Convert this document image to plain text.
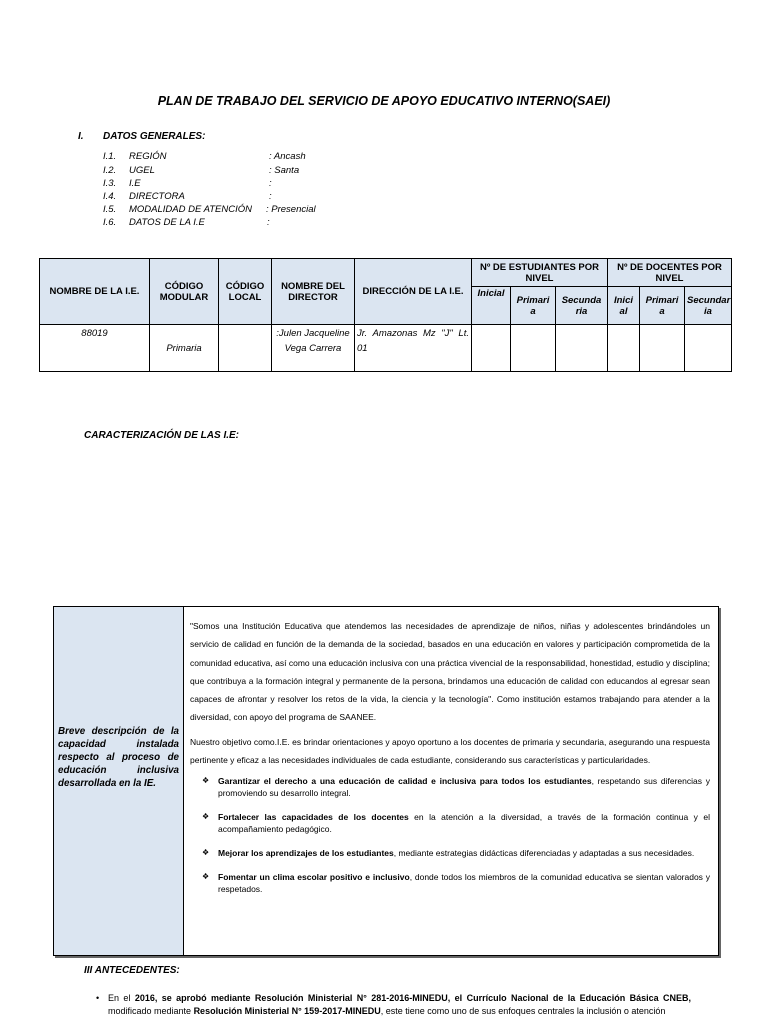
PLAN DE TRABAJO DEL SERVICIO DE APOYO EDUCATIVO INTERNO(SAEI)
I. DATOS GENERALES:
I.1. REGIÓN	: Ancash
I.2. UGEL	: Santa
I.3. I.E	:
I.4. DIRECTORA	:
I.5. MODALIDAD DE ATENCIÓN : Presencial
I.6. DATOS DE LA I.E	:
NOMBRE DE LA I.E.	CÓDIGO MODULAR	CÓDIGO LOCAL	NOMBRE DEL DIRECTOR	DIRECCIÓN DE LA I.E.	Nº DE ESTUDIANTES POR NIVEL			Nº DE DOCENTES POR NIVEL		
					Inicial	Primari a	Secunda ria	Inici al	Primari a	Secundar ia
88019	Primaria		:Julen Jacqueline Vega Carrera	Jr. Amazonas Mz "J" Lt. 01						
CARACTERIZACIÓN DE LAS I.E:
Breve descripción de la capacidad instalada respecto al proceso de educación inclusiva desarrollada en la IE.

"Somos una Institución Educativa que atendemos las necesidades de aprendizaje de niños, niñas y adolescentes brindándoles un servicio de calidad en función de la demanda de la sociedad, basados en una educación en valores y participación comprometida de la comunidad educativa, así como una educación inclusiva con una práctica vivencial de la responsabilidad, honestidad, estudio y disciplina; que contribuya a la formación integral y permanente de la persona, brindamos una educación de calidad con educandos al egresar sean capaces de afrontar y resolver los retos de la vida, la ciencia y la tecnología". Como institución estamos trabajando para atender a la diversidad, con apoyo del programa de SAANEE.

Nuestro objetivo como.I.E. es brindar orientaciones y apoyo oportuno a los docentes de primaria y secundaria, asegurando una respuesta pertinente y eficaz a las necesidades individuales de cada estudiante, considerando sus características y particularidades.

❖ Garantizar el derecho a una educación de calidad e inclusiva para todos los estudiantes, respetando sus diferencias y promoviendo su desarrollo integral.
❖ Fortalecer las capacidades de los docentes en la atención a la diversidad, a través de la formación continua y el acompañamiento pedagógico.
❖ Mejorar los aprendizajes de los estudiantes, mediante estrategias didácticas diferenciadas y adaptadas a sus necesidades.
❖ Fomentar un clima escolar positivo e inclusivo, donde todos los miembros de la comunidad educativa se sientan valorados y respetados.
III ANTECEDENTES:
• En el 2016, se aprobó mediante Resolución Ministerial N° 281-2016-MINEDU, el Currículo Nacional de la Educación Básica CNEB, modificado mediante Resolución Ministerial N° 159-2017-MINEDU, este tiene como uno de sus enfoques centrales la inclusión o atención
